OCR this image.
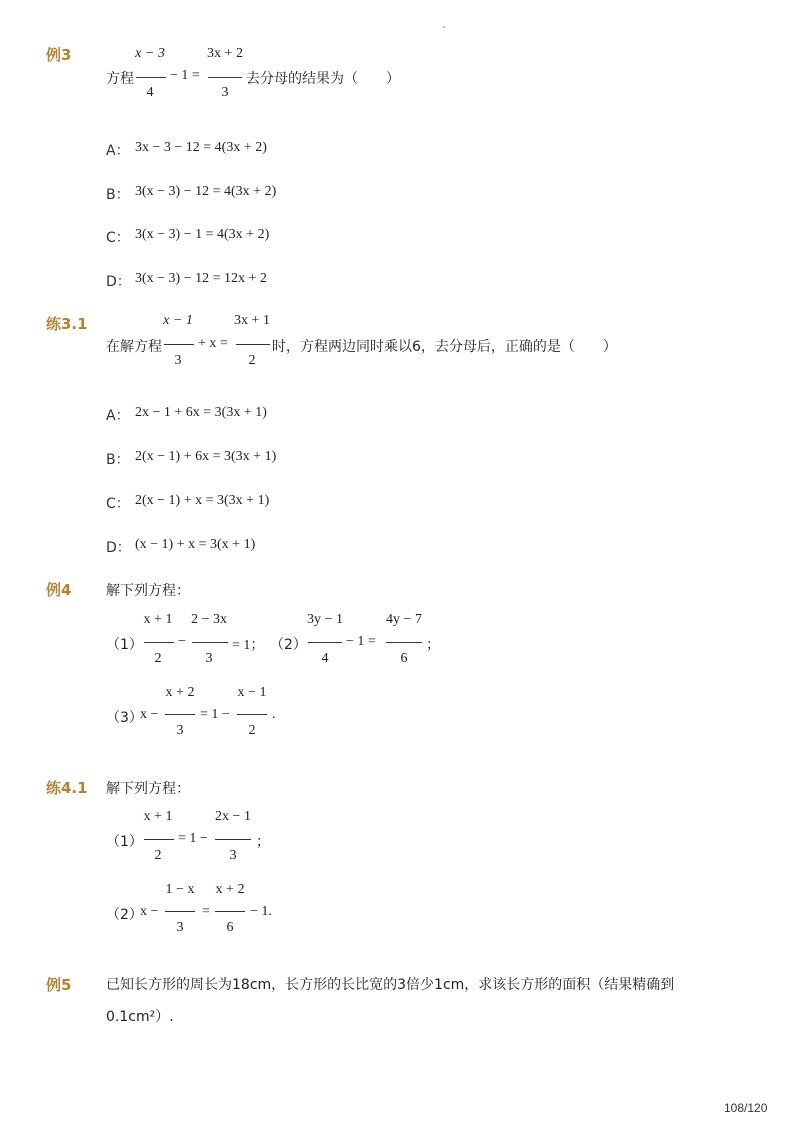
-
例3
方程
x − 3
4
− 1 =
3x + 2
3
去分母的结果为（　　）
A： 3x − 3 − 12 = 4(3x + 2)
B： 3(x − 3) − 12 = 4(3x + 2)
C： 3(x − 3) − 1 = 4(3x + 2)
D： 3(x − 3) − 12 = 12x + 2
练3.1
在解方程
x − 1
3
+ x =
3x + 1
2
时，方程两边同时乘以6，去分母后，正确的是（　　）
A： 2x − 1 + 6x = 3(3x + 1)
B： 2(x − 1) + 6x = 3(3x + 1)
C： 2(x − 1) + x = 3(3x + 1)
D： (x − 1) + x = 3(x + 1)
例4 解下列方程：
（1）
x + 1
2
−
2 − 3x
3
= 1； （2）
3y − 1
4
− 1 =
4y − 7
6
；
（3）
x −
x + 2
3
= 1 −
x − 1
2
.
练4.1 解下列方程：
（1）
x + 1
2
= 1 −
2x − 1
3
；
（2）
x −
1 − x
3
=
x + 2
6
− 1.
例5 已知长方形的周长为18cm，长方形的长比宽的3倍少1cm，求该长方形的面积（结果精确到
0.1cm²）.
108/120
